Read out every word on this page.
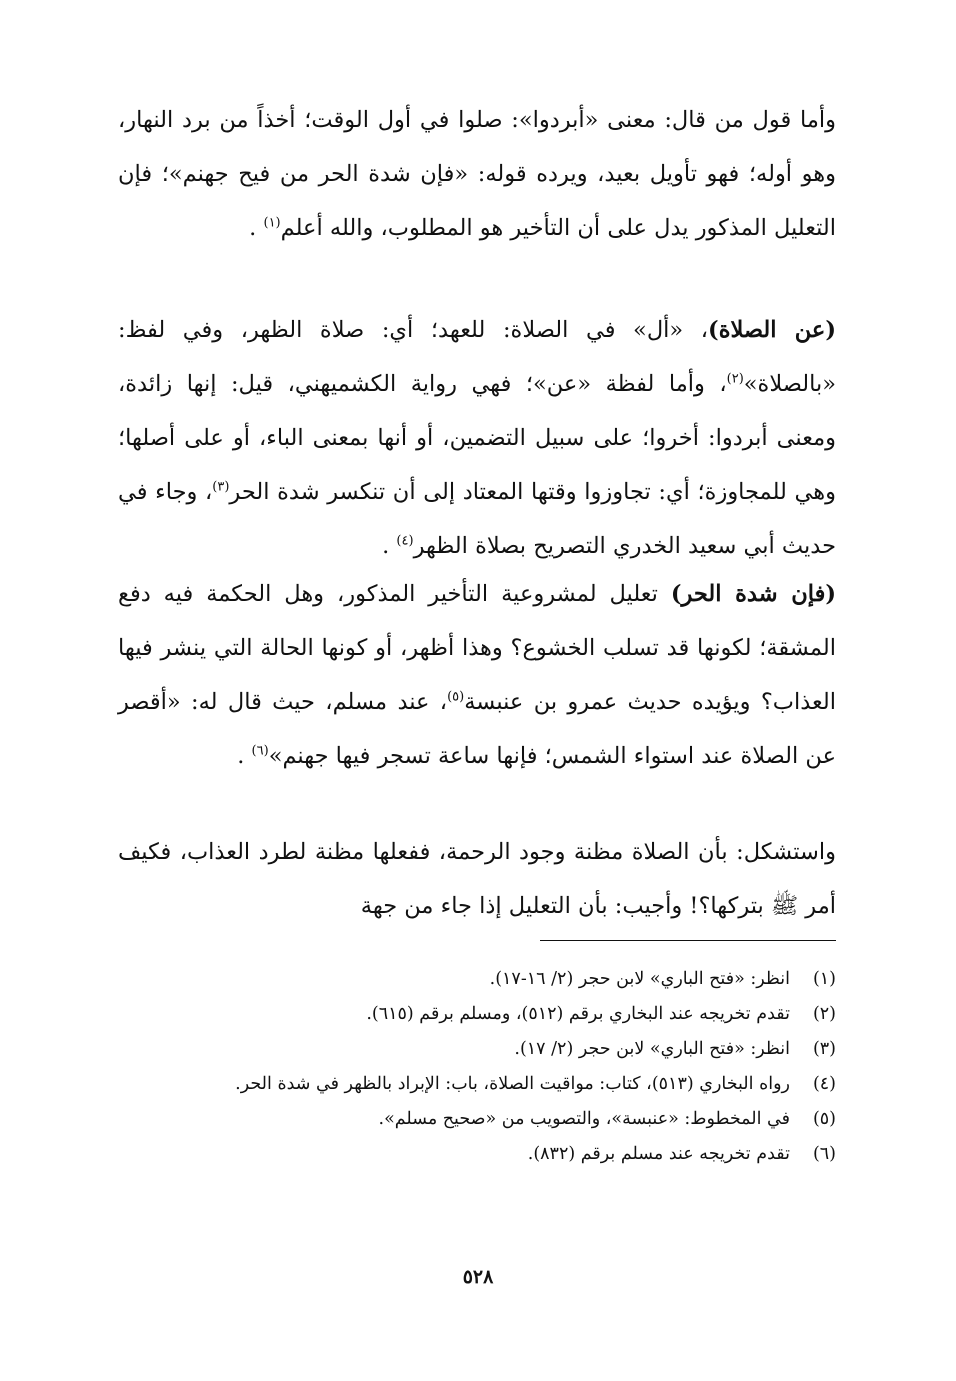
وأما قول من قال: معنى «أبردوا»: صلوا في أول الوقت؛ أخذاً من برد النهار، وهو أوله؛ فهو تأويل بعيد، ويرده قوله: «فإن شدة الحر من فيح جهنم»؛ فإن التعليل المذكور يدل على أن التأخير هو المطلوب، والله أعلم$^{(١)}$ .

(عن الصلاة)، «أل» في الصلاة: للعهد؛ أي: صلاة الظهر، وفي لفظ: «بالصلاة»$^{(٢)}$، وأما لفظة «عن»؛ فهي رواية الكشميهني، قيل: إنها زائدة، ومعنى أبردوا: أخروا؛ على سبيل التضمين، أو أنها بمعنى الباء، أو على أصلها؛ وهي للمجاوزة؛ أي: تجاوزوا وقتها المعتاد إلى أن تنكسر شدة الحر$^{(٣)}$، وجاء في حديث أبي سعيد الخدري التصريح بصلاة الظهر$^{(٤)}$ .

(فإن شدة الحر) تعليل لمشروعية التأخير المذكور، وهل الحكمة فيه دفع المشقة؛ لكونها قد تسلب الخشوع؟ وهذا أظهر، أو كونها الحالة التي ينشر فيها العذاب؟ ويؤيده حديث عمرو بن عنبسة$^{(٥)}$، عند مسلم، حيث قال له: «أقصر عن الصلاة عند استواء الشمس؛ فإنها ساعة تسجر فيها جهنم»$^{(٦)}$ .

واستشكل: بأن الصلاة مظنة وجود الرحمة، ففعلها مظنة لطرد العذاب، فكيف أمر ﷺ بتركها؟! وأجيب: بأن التعليل إذا جاء من جهة

(١)
انظر: «فتح الباري» لابن حجر (٢/ ١٦-١٧).
(٢)
تقدم تخريجه عند البخاري برقم (٥١٢)، ومسلم برقم (٦١٥).
(٣)
انظر: «فتح الباري» لابن حجر (٢/ ١٧).
(٤)
رواه البخاري (٥١٣)، كتاب: مواقيت الصلاة، باب: الإبراد بالظهر في شدة الحر.
(٥)
في المخطوط: «عنبسة»، والتصويب من «صحيح مسلم».
(٦)
تقدم تخريجه عند مسلم برقم (٨٣٢).
٥٢٨
